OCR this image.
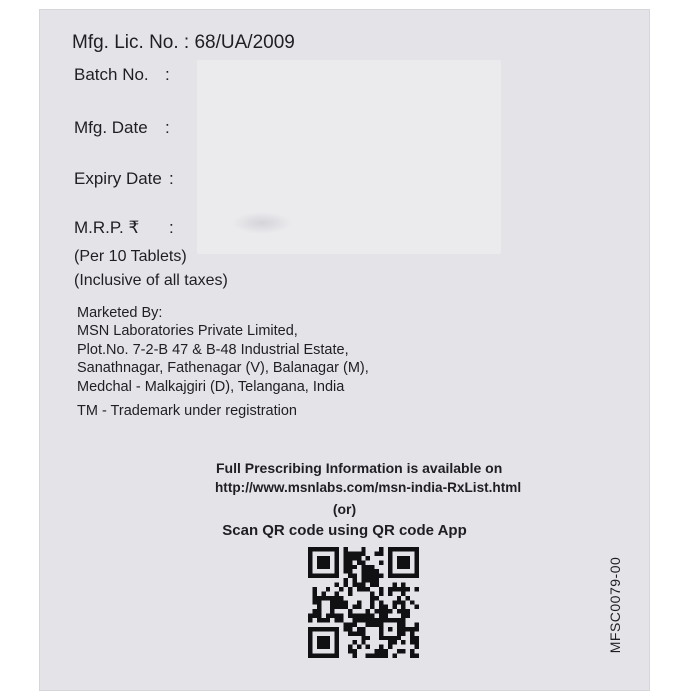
Mfg. Lic. No. : 68/UA/2009
Batch No. :
Mfg. Date :
Expiry Date :
M.R.P. ₹ :
(Per 10 Tablets)
(Inclusive of all taxes)
Marketed By:
MSN Laboratories Private Limited,
Plot.No. 7-2-B 47 & B-48 Industrial Estate,
Sanathnagar, Fathenagar (V), Balanagar (M),
Medchal - Malkajgiri (D), Telangana, India
TM - Trademark under registration
Full Prescribing Information is available on
http://www.msnlabs.com/msn-india-RxList.html
(or)
Scan QR code using QR code App
MFSC0079-00
